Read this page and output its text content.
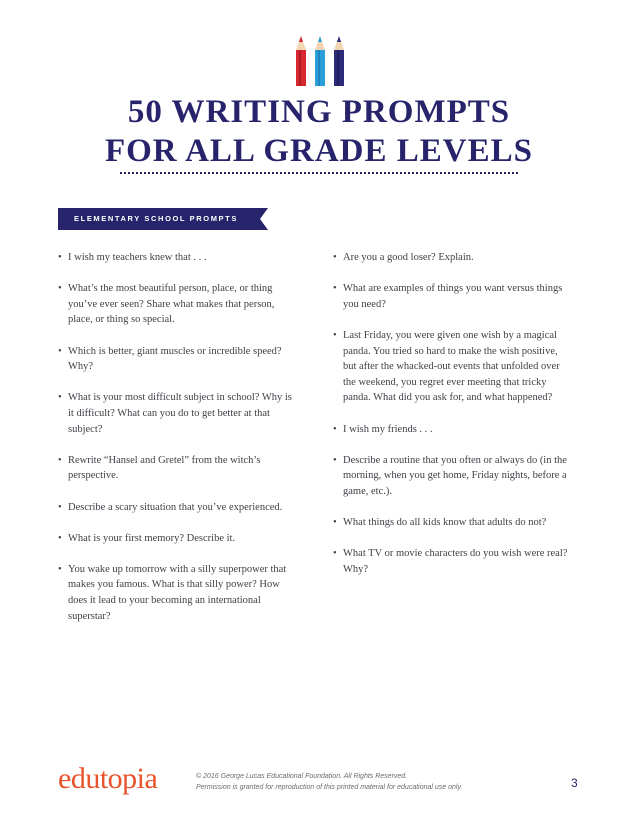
50 WRITING PROMPTS
FOR ALL GRADE LEVELS
ELEMENTARY SCHOOL PROMPTS
• I wish my teachers knew that . . .
• What’s the most beautiful person, place, or thing you’ve ever seen? Share what makes that person, place, or thing so special.
• Which is better, giant muscles or incredible speed? Why?
• What is your most difficult subject in school? Why is it difficult? What can you do to get better at that subject?
• Rewrite “Hansel and Gretel” from the witch’s perspective.
• Describe a scary situation that you’ve experienced.
• What is your first memory? Describe it.
• You wake up tomorrow with a silly superpower that makes you famous. What is that silly power? How does it lead to your becoming an international superstar?
• Are you a good loser? Explain.
• What are examples of things you want versus things you need?
• Last Friday, you were given one wish by a magical panda. You tried so hard to make the wish positive, but after the whacked-out events that unfolded over the weekend, you regret ever meeting that tricky panda. What did you ask for, and what happened?
• I wish my friends . . .
• Describe a routine that you often or always do (in the morning, when you get home, Friday nights, before a game, etc.).
• What things do all kids know that adults do not?
• What TV or movie characters do you wish were real? Why?
edutopia	© 2016 George Lucas Educational Foundation. All Rights Reserved.
Permission is granted for reproduction of this printed material for educational use only.	3
